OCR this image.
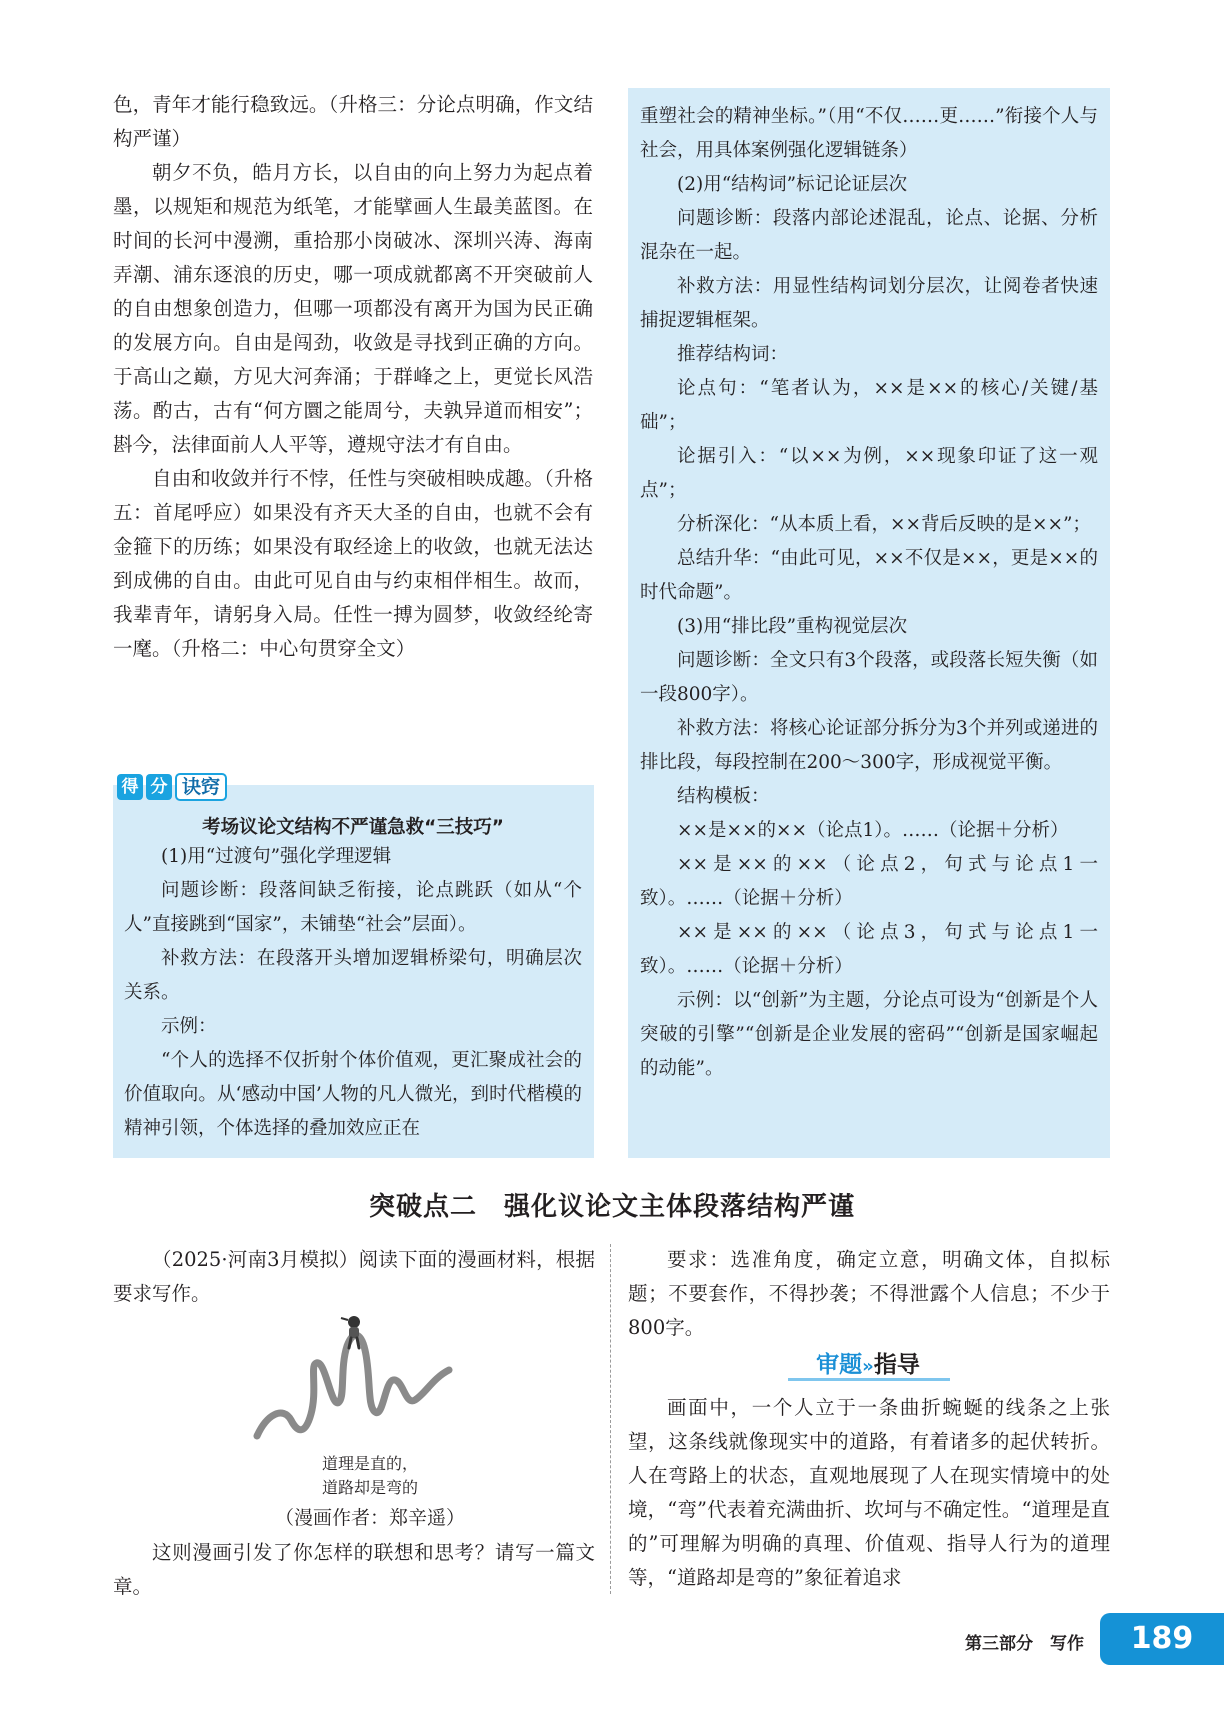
色，青年才能行稳致远。（升格三：分论点明确，作文结构严谨）

朝夕不负，皓月方长，以自由的向上努力为起点着墨，以规矩和规范为纸笔，才能擘画人生最美蓝图。在时间的长河中漫溯，重拾那小岗破冰、深圳兴涛、海南弄潮、浦东逐浪的历史，哪一项成就都离不开突破前人的自由想象创造力，但哪一项都没有离开为国为民正确的发展方向。自由是闯劲，收敛是寻找到正确的方向。于高山之巅，方见大河奔涌；于群峰之上，更觉长风浩荡。酌古，古有“何方圜之能周兮，夫孰异道而相安”；斟今，法律面前人人平等，遵规守法才有自由。

自由和收敛并行不悖，任性与突破相映成趣。（升格五：首尾呼应）如果没有齐天大圣的自由，也就不会有金箍下的历练；如果没有取经途上的收敛，也就无法达到成佛的自由。由此可见自由与约束相伴相生。故而，我辈青年，请躬身入局。任性一搏为圆梦，收敛经纶寄一麾。（升格二：中心句贯穿全文）

得 分 诀窍
考场议论文结构不严谨急救“三技巧”

(1)用“过渡句”强化学理逻辑

问题诊断：段落间缺乏衔接，论点跳跃（如从“个人”直接跳到“国家”，未铺垫“社会”层面）。

补救方法：在段落开头增加逻辑桥梁句，明确层次关系。

示例：

“个人的选择不仅折射个体价值观，更汇聚成社会的价值取向。从‘感动中国’人物的凡人微光，到时代楷模的精神引领，个体选择的叠加效应正在

重塑社会的精神坐标。”（用“不仅……更……”衔接个人与社会，用具体案例强化逻辑链条）

(2)用“结构词”标记论证层次

问题诊断：段落内部论述混乱，论点、论据、分析混杂在一起。

补救方法：用显性结构词划分层次，让阅卷者快速捕捉逻辑框架。

推荐结构词：

论点句：“笔者认为，××是××的核心/关键/基础”；

论据引入：“以××为例，××现象印证了这一观点”；

分析深化：“从本质上看，××背后反映的是××”；

总结升华：“由此可见，××不仅是××，更是××的时代命题”。

(3)用“排比段”重构视觉层次

问题诊断：全文只有3个段落，或段落长短失衡（如一段800字）。

补救方法：将核心论证部分拆分为3个并列或递进的排比段，每段控制在200～300字，形成视觉平衡。

结构模板：

××是××的××（论点1）。……（论据＋分析）

××是××的××（论点2，句式与论点1一致）。……（论据＋分析）

××是××的××（论点3，句式与论点1一致）。……（论据＋分析）

示例：以“创新”为主题，分论点可设为“创新是个人突破的引擎”“创新是企业发展的密码”“创新是国家崛起的动能”。

突破点二　强化议论文主体段落结构严谨

（2025·河南3月模拟）阅读下面的漫画材料，根据要求写作。

道理是直的，
道路却是弯的
（漫画作者：郑辛遥）

这则漫画引发了你怎样的联想和思考？请写一篇文章。

要求：选准角度，确定立意，明确文体，自拟标题；不要套作，不得抄袭；不得泄露个人信息；不少于800字。

审题»指导

画面中，一个人立于一条曲折蜿蜒的线条之上张望，这条线就像现实中的道路，有着诸多的起伏转折。人在弯路上的状态，直观地展现了人在现实情境中的处境，“弯”代表着充满曲折、坎坷与不确定性。“道理是直的”可理解为明确的真理、价值观、指导人行为的道理等，“道路却是弯的”象征着追求

第三部分　写作	189
